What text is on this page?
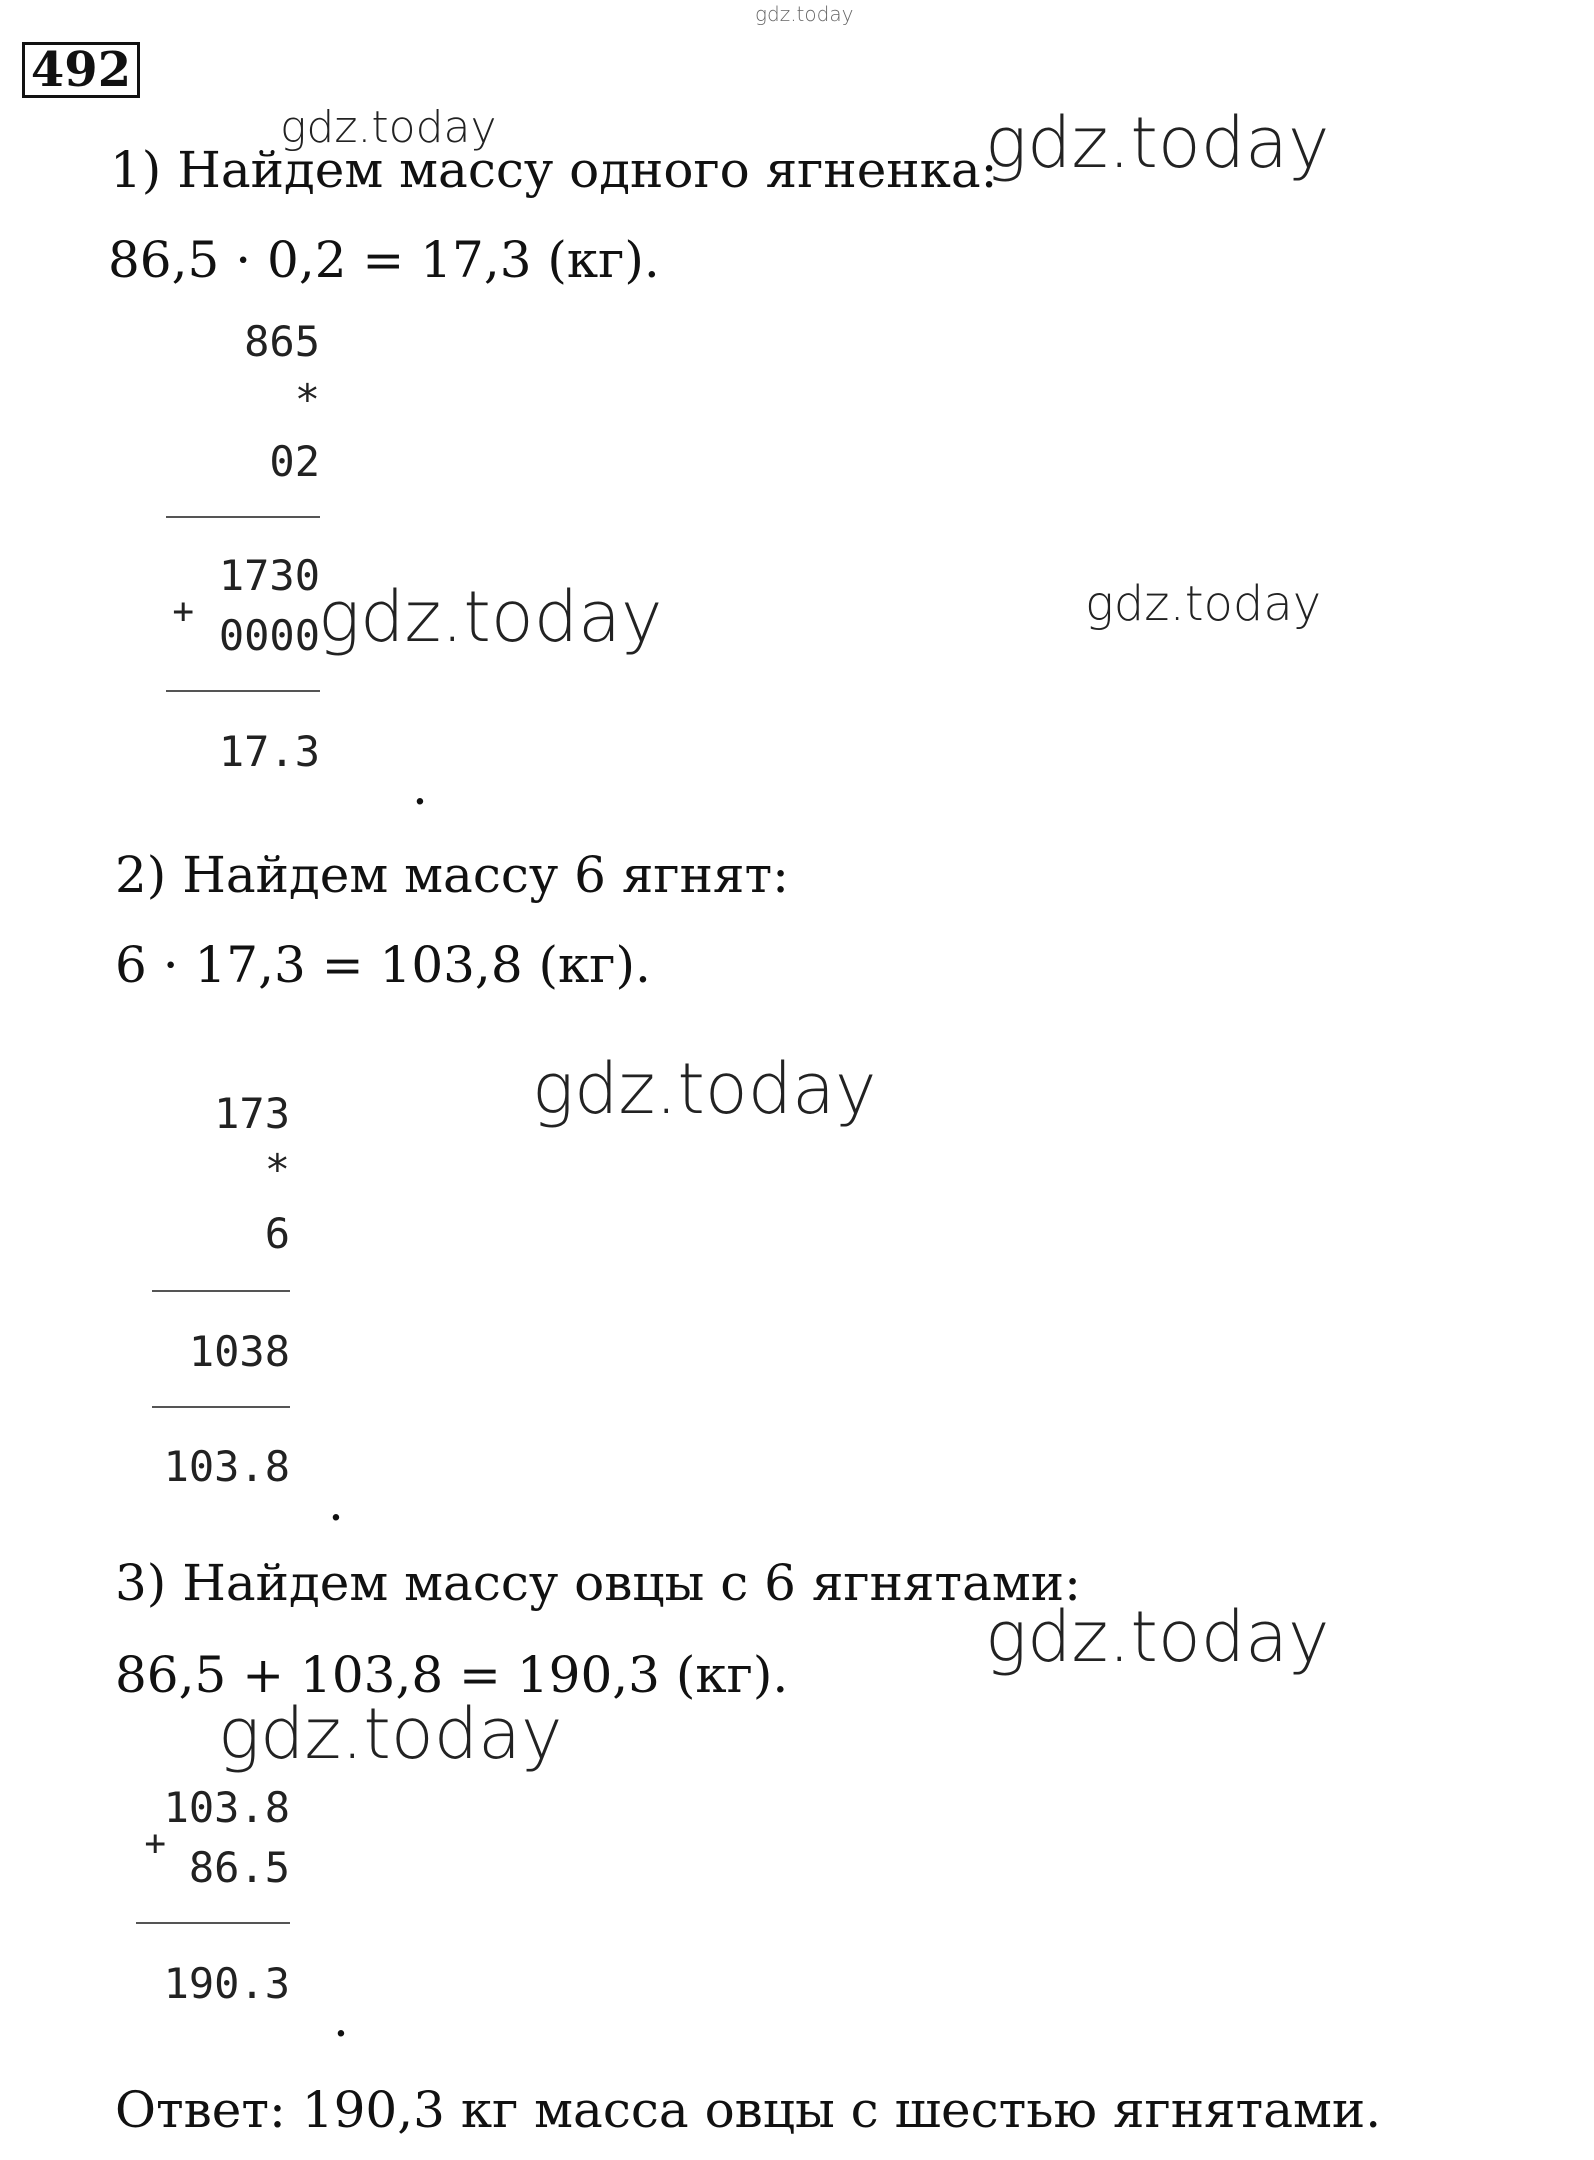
gdz.today
492
1) Найдем массу одного ягненка:
86,5 · 0,2 = 17,3 (кг).
865
*
02
1730
+ 0000
17.3
.
2) Найдем массу 6 ягнят:
6 · 17,3 = 103,8 (кг).
173
*
6
1038
103.8
.
3) Найдем массу овцы с 6 ягнятами:
86,5 + 103,8 = 190,3 (кг).
103.8
+ 86.5
190.3
.
Ответ: 190,3 кг масса овцы с шестью ягнятами.
gdz.today	gdz.today
gdz.today	gdz.today
gdz.today
gdz.today
gdz.today
